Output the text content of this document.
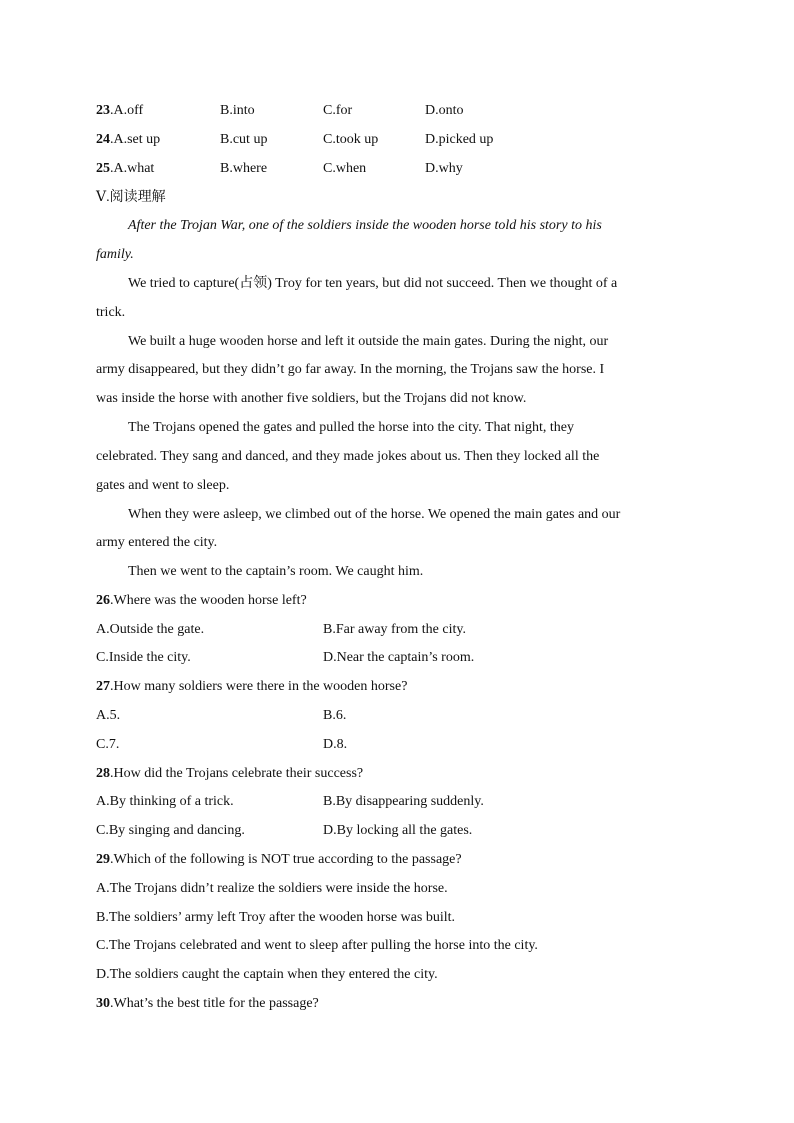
23.A.off	B.into	C.for	D.onto
24.A.set up	B.cut up	C.took up	D.picked up
25.A.what	B.where	C.when	D.why
Ⅴ.阅读理解
After the Trojan War, one of the soldiers inside the wooden horse told his story to his
family.
We tried to capture(占领) Troy for ten years, but did not succeed. Then we thought of a
trick.
We built a huge wooden horse and left it outside the main gates. During the night, our
army disappeared, but they didn’t go far away. In the morning, the Trojans saw the horse. I
was inside the horse with another five soldiers, but the Trojans did not know.
The Trojans opened the gates and pulled the horse into the city. That night, they
celebrated. They sang and danced, and they made jokes about us. Then they locked all the
gates and went to sleep.
When they were asleep, we climbed out of the horse. We opened the main gates and our
army entered the city.
Then we went to the captain’s room. We caught him.
26.Where was the wooden horse left?
A.Outside the gate.	B.Far away from the city.
C.Inside the city.	D.Near the captain’s room.
27.How many soldiers were there in the wooden horse?
A.5.	B.6.
C.7.	D.8.
28.How did the Trojans celebrate their success?
A.By thinking of a trick.	B.By disappearing suddenly.
C.By singing and dancing.	D.By locking all the gates.
29.Which of the following is NOT true according to the passage?
A.The Trojans didn’t realize the soldiers were inside the horse.
B.The soldiers’ army left Troy after the wooden horse was built.
C.The Trojans celebrated and went to sleep after pulling the horse into the city.
D.The soldiers caught the captain when they entered the city.
30.What’s the best title for the passage?
